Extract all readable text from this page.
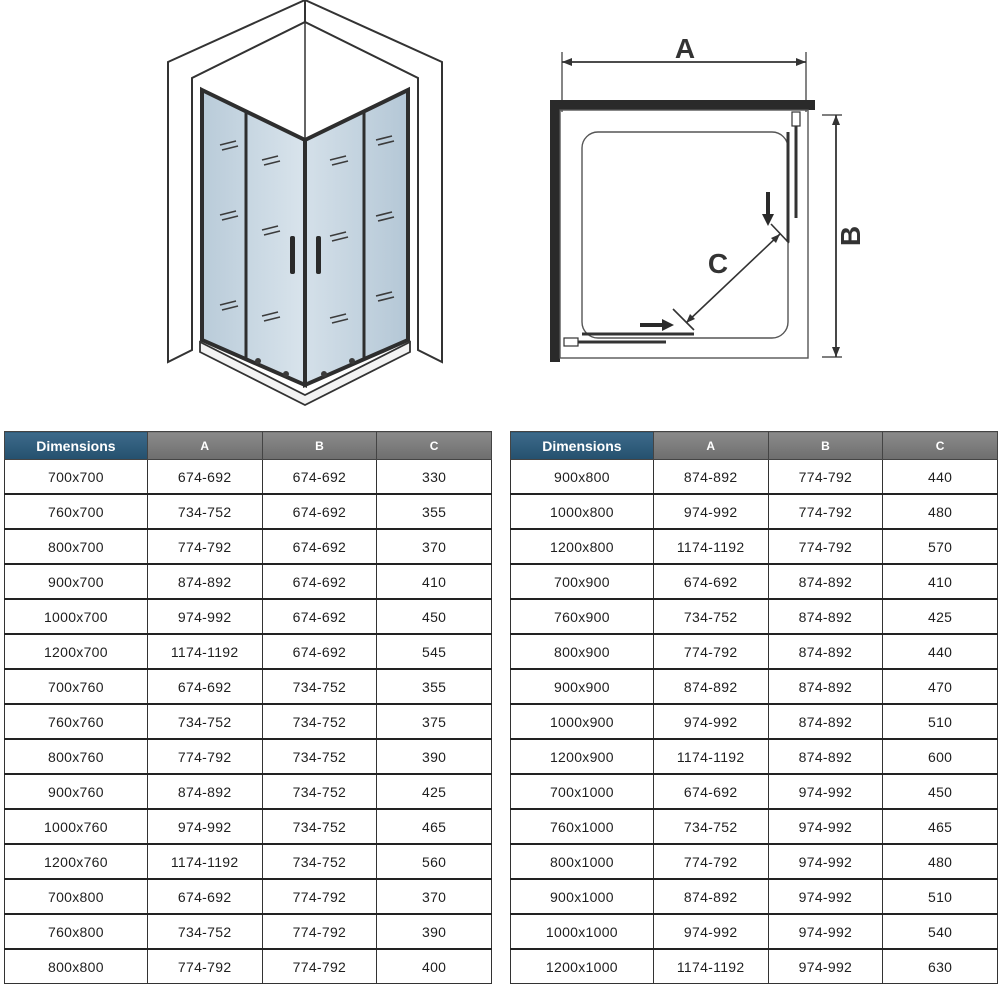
A
B
C
Dimensions	A	B	C
700x700	674-692	674-692	330
760x700	734-752	674-692	355
800x700	774-792	674-692	370
900x700	874-892	674-692	410
1000x700	974-992	674-692	450
1200x700	1174-1192	674-692	545
700x760	674-692	734-752	355
760x760	734-752	734-752	375
800x760	774-792	734-752	390
900x760	874-892	734-752	425
1000x760	974-992	734-752	465
1200x760	1174-1192	734-752	560
700x800	674-692	774-792	370
760x800	734-752	774-792	390
800x800	774-792	774-792	400
Dimensions	A	B	C
900x800	874-892	774-792	440
1000x800	974-992	774-792	480
1200x800	1174-1192	774-792	570
700x900	674-692	874-892	410
760x900	734-752	874-892	425
800x900	774-792	874-892	440
900x900	874-892	874-892	470
1000x900	974-992	874-892	510
1200x900	1174-1192	874-892	600
700x1000	674-692	974-992	450
760x1000	734-752	974-992	465
800x1000	774-792	974-992	480
900x1000	874-892	974-992	510
1000x1000	974-992	974-992	540
1200x1000	1174-1192	974-992	630
